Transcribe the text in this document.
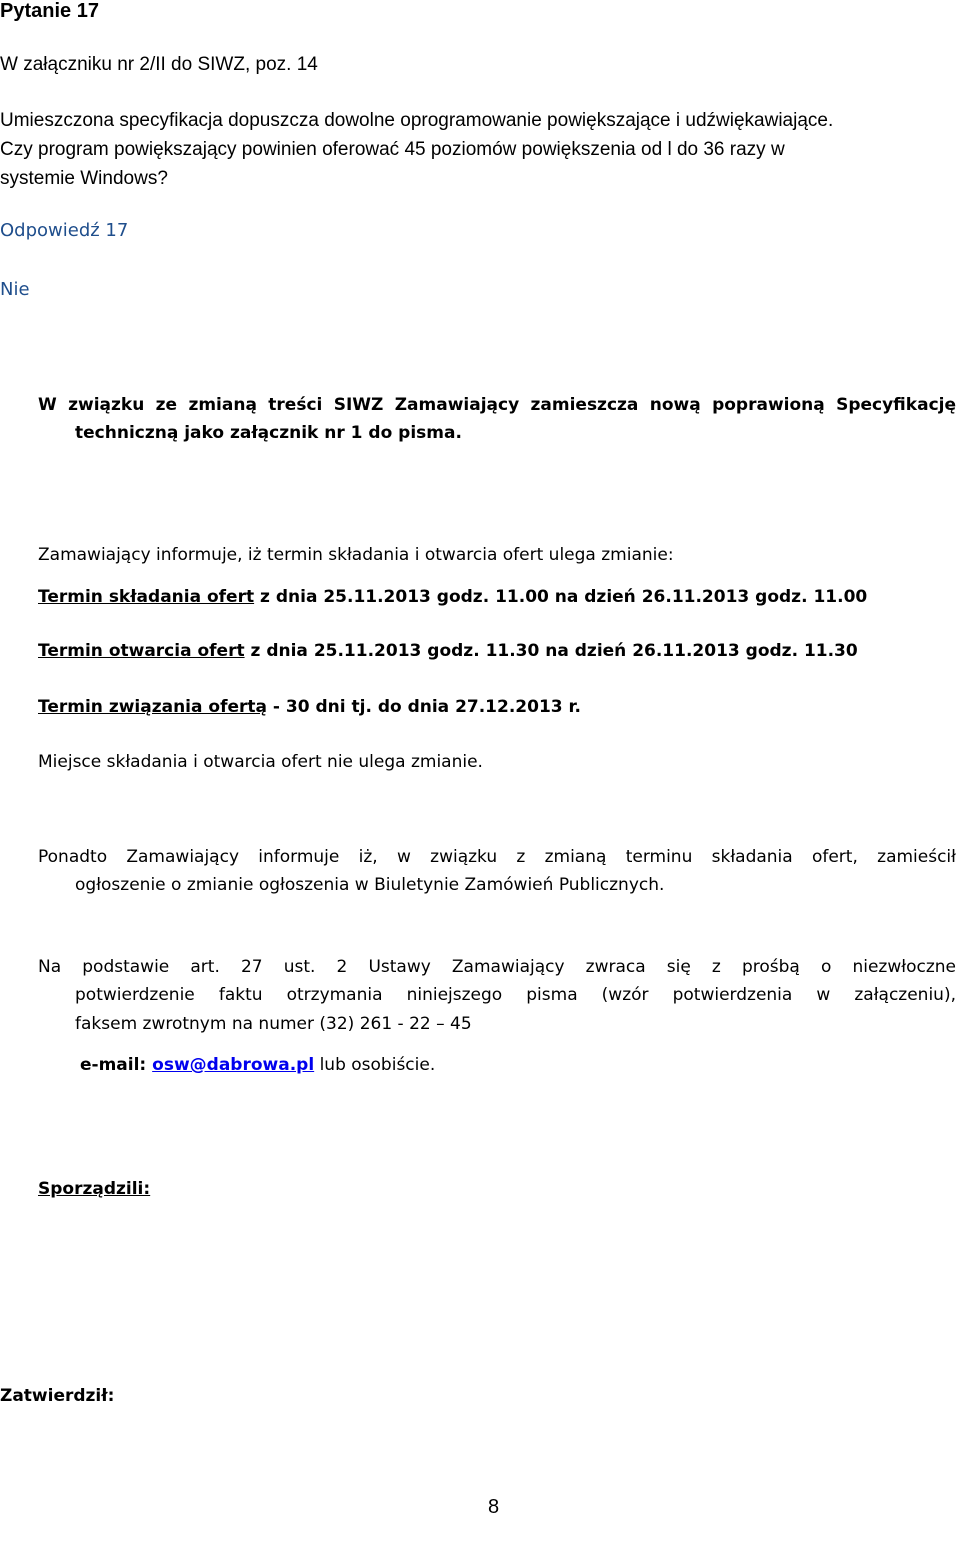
Pytanie 17
W załączniku nr 2/II do SIWZ, poz. 14
Umieszczona specyfikacja dopuszcza dowolne oprogramowanie powiększające i udźwiękawiające.
Czy program powiększający powinien oferować 45 poziomów powiększenia od l do 36 razy w
systemie Windows?
Odpowiedź 17
Nie
W związku ze zmianą treści SIWZ Zamawiający zamieszcza nową poprawioną Specyfikację
techniczną jako załącznik nr 1 do pisma.
Zamawiający informuje, iż termin składania i otwarcia ofert ulega zmianie:
Termin składania ofert z dnia 25.11.2013 godz. 11.00 na dzień 26.11.2013 godz. 11.00
Termin otwarcia ofert z dnia 25.11.2013 godz. 11.30 na dzień 26.11.2013 godz. 11.30
Termin związania ofertą - 30 dni tj. do dnia 27.12.2013 r.
Miejsce składania i otwarcia ofert nie ulega zmianie.
Ponadto Zamawiający informuje iż, w związku z zmianą terminu składania ofert, zamieścił
ogłoszenie o zmianie ogłoszenia w Biuletynie Zamówień Publicznych.
Na podstawie art. 27 ust. 2 Ustawy Zamawiający zwraca się z prośbą o niezwłoczne
potwierdzenie faktu otrzymania niniejszego pisma (wzór potwierdzenia w załączeniu),
faksem zwrotnym na numer (32) 261 - 22 – 45
e-mail: osw@dabrowa.pl lub osobiście.
Sporządzili:
Zatwierdził:
8
